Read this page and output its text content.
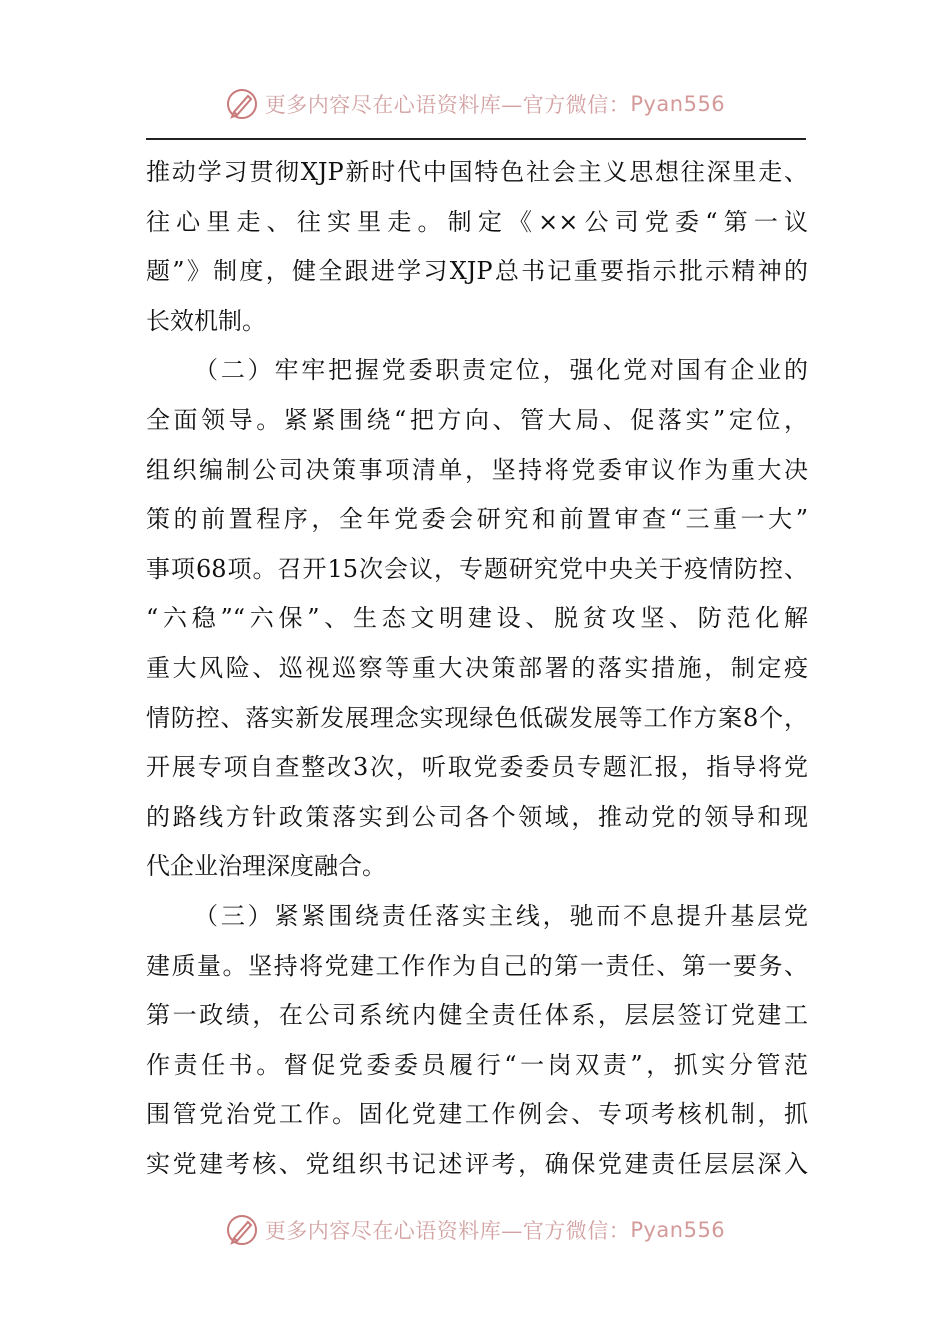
更多内容尽在心语资料库—官方微信： Pyan556
推动学习贯彻XJP新时代中国特色社会主义思想往深里走、
往心里走、往实里走。制定《××公司党委“第一议
题”》制度，健全跟进学习XJP总书记重要指示批示精神的
长效机制。
（二）牢牢把握党委职责定位，强化党对国有企业的
全面领导。紧紧围绕“把方向、管大局、促落实”定位，
组织编制公司决策事项清单，坚持将党委审议作为重大决
策的前置程序，全年党委会研究和前置审查“三重一大”
事项68项。召开15次会议，专题研究党中央关于疫情防控、
“六稳”“六保”、生态文明建设、脱贫攻坚、防范化解
重大风险、巡视巡察等重大决策部署的落实措施，制定疫
情防控、落实新发展理念实现绿色低碳发展等工作方案8个，
开展专项自查整改3次，听取党委委员专题汇报，指导将党
的路线方针政策落实到公司各个领域，推动党的领导和现
代企业治理深度融合。
（三）紧紧围绕责任落实主线，驰而不息提升基层党
建质量。坚持将党建工作作为自己的第一责任、第一要务、
第一政绩，在公司系统内健全责任体系，层层签订党建工
作责任书。督促党委委员履行“一岗双责”，抓实分管范
围管党治党工作。固化党建工作例会、专项考核机制，抓
实党建考核、党组织书记述评考，确保党建责任层层深入
更多内容尽在心语资料库—官方微信： Pyan556
